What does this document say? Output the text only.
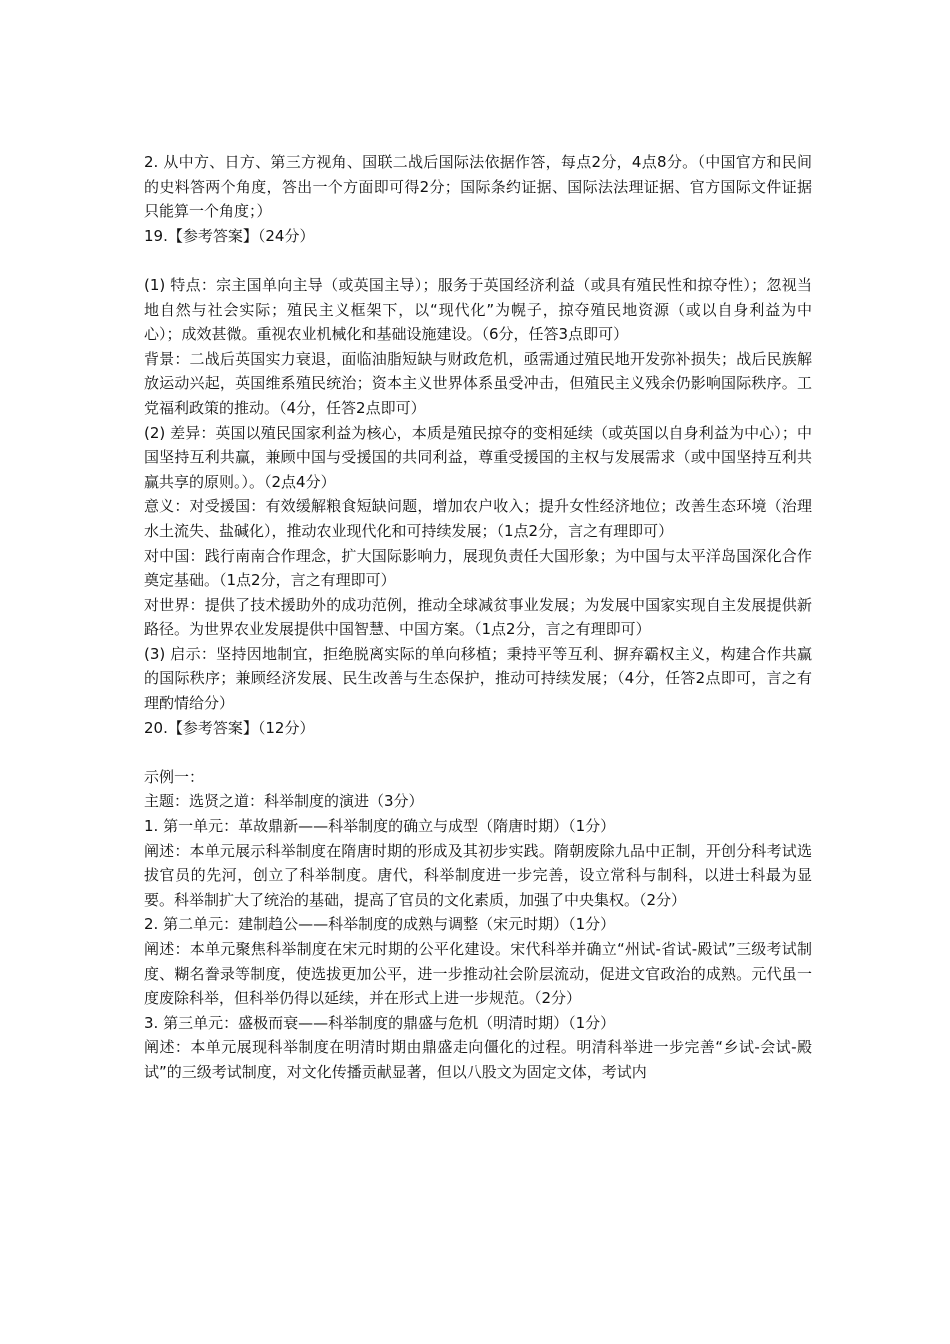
2. 从中方、日方、第三方视角、国联二战后国际法依据作答，每点2分，4点8分。（中国官方和民间的史料答两个角度，答出一个方面即可得2分；国际条约证据、国际法法理证据、官方国际文件证据只能算一个角度；）

19.【参考答案】（24分）

(1) 特点：宗主国单向主导（或英国主导）；服务于英国经济利益（或具有殖民性和掠夺性）；忽视当地自然与社会实际；殖民主义框架下，以“现代化”为幌子，掠夺殖民地资源（或以自身利益为中心）；成效甚微。重视农业机械化和基础设施建设。（6分，任答3点即可）

背景：二战后英国实力衰退，面临油脂短缺与财政危机，亟需通过殖民地开发弥补损失；战后民族解放运动兴起，英国维系殖民统治；资本主义世界体系虽受冲击，但殖民主义残余仍影响国际秩序。工党福利政策的推动。（4分，任答2点即可）

(2) 差异：英国以殖民国家利益为核心，本质是殖民掠夺的变相延续（或英国以自身利益为中心）；中国坚持互利共赢，兼顾中国与受援国的共同利益，尊重受援国的主权与发展需求（或中国坚持互利共赢共享的原则。）。（2点4分）

意义：对受援国：有效缓解粮食短缺问题，增加农户收入；提升女性经济地位；改善生态环境（治理水土流失、盐碱化），推动农业现代化和可持续发展；（1点2分，言之有理即可）

对中国：践行南南合作理念，扩大国际影响力，展现负责任大国形象；为中国与太平洋岛国深化合作奠定基础。（1点2分，言之有理即可）

对世界：提供了技术援助外的成功范例，推动全球减贫事业发展；为发展中国家实现自主发展提供新路径。为世界农业发展提供中国智慧、中国方案。（1点2分，言之有理即可）

(3) 启示：坚持因地制宜，拒绝脱离实际的单向移植；秉持平等互利、摒弃霸权主义，构建合作共赢的国际秩序；兼顾经济发展、民生改善与生态保护，推动可持续发展；（4分，任答2点即可，言之有理酌情给分）

20.【参考答案】（12分）

示例一：

主题：选贤之道：科举制度的演进（3分）

1. 第一单元：革故鼎新——科举制度的确立与成型（隋唐时期）（1分）

阐述：本单元展示科举制度在隋唐时期的形成及其初步实践。隋朝废除九品中正制，开创分科考试选拔官员的先河，创立了科举制度。唐代，科举制度进一步完善，设立常科与制科，以进士科最为显要。科举制扩大了统治的基础，提高了官员的文化素质，加强了中央集权。（2分）

2. 第二单元：建制趋公——科举制度的成熟与调整（宋元时期）（1分）

阐述：本单元聚焦科举制度在宋元时期的公平化建设。宋代科举并确立“州试-省试-殿试”三级考试制度、糊名誊录等制度，使选拔更加公平，进一步推动社会阶层流动，促进文官政治的成熟。元代虽一度废除科举，但科举仍得以延续，并在形式上进一步规范。（2分）

3. 第三单元：盛极而衰——科举制度的鼎盛与危机（明清时期）（1分）

阐述：本单元展现科举制度在明清时期由鼎盛走向僵化的过程。明清科举进一步完善“乡试-会试-殿试”的三级考试制度，对文化传播贡献显著，但以八股文为固定文体，考试内
